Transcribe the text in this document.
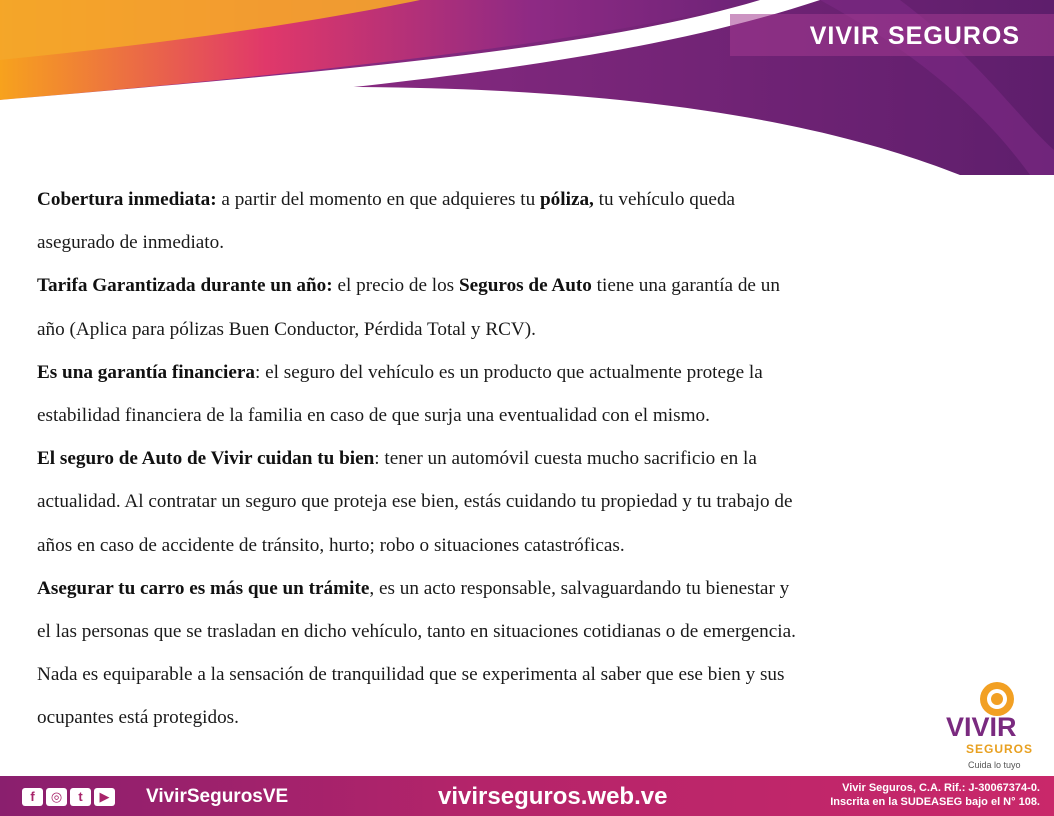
VIVIR SEGUROS

Cobertura inmediata: a partir del momento en que adquieres tu póliza, tu vehículo queda

asegurado de inmediato.

Tarifa Garantizada durante un año: el precio de los Seguros de Auto tiene una garantía de un

año (Aplica para pólizas Buen Conductor, Pérdida Total y RCV).

Es una garantía financiera: el seguro del vehículo es un producto que actualmente protege la

estabilidad financiera de la familia en caso de que surja una eventualidad con el mismo.

El seguro de Auto de Vivir cuidan tu bien: tener un automóvil cuesta mucho sacrificio en la

actualidad. Al contratar un seguro que proteja ese bien, estás cuidando tu propiedad y tu trabajo de

años en caso de accidente de tránsito, hurto; robo o situaciones catastróficas.

Asegurar tu carro es más que un trámite, es un acto responsable, salvaguardando tu bienestar y

el las personas que se trasladan en dicho vehículo, tanto en situaciones cotidianas o de emergencia.

Nada es equiparable a la sensación de tranquilidad que se experimenta al saber que ese bien y sus

ocupantes está protegidos.	VIVIR
SEGUROS
Cuida lo tuyo
f	◎	t	▶ VivirSegurosVE	vivirseguros.web.ve	Vivir Seguros, C.A. Rif.: J-30067374-0.
Inscrita en la SUDEASEG bajo el N° 108.
